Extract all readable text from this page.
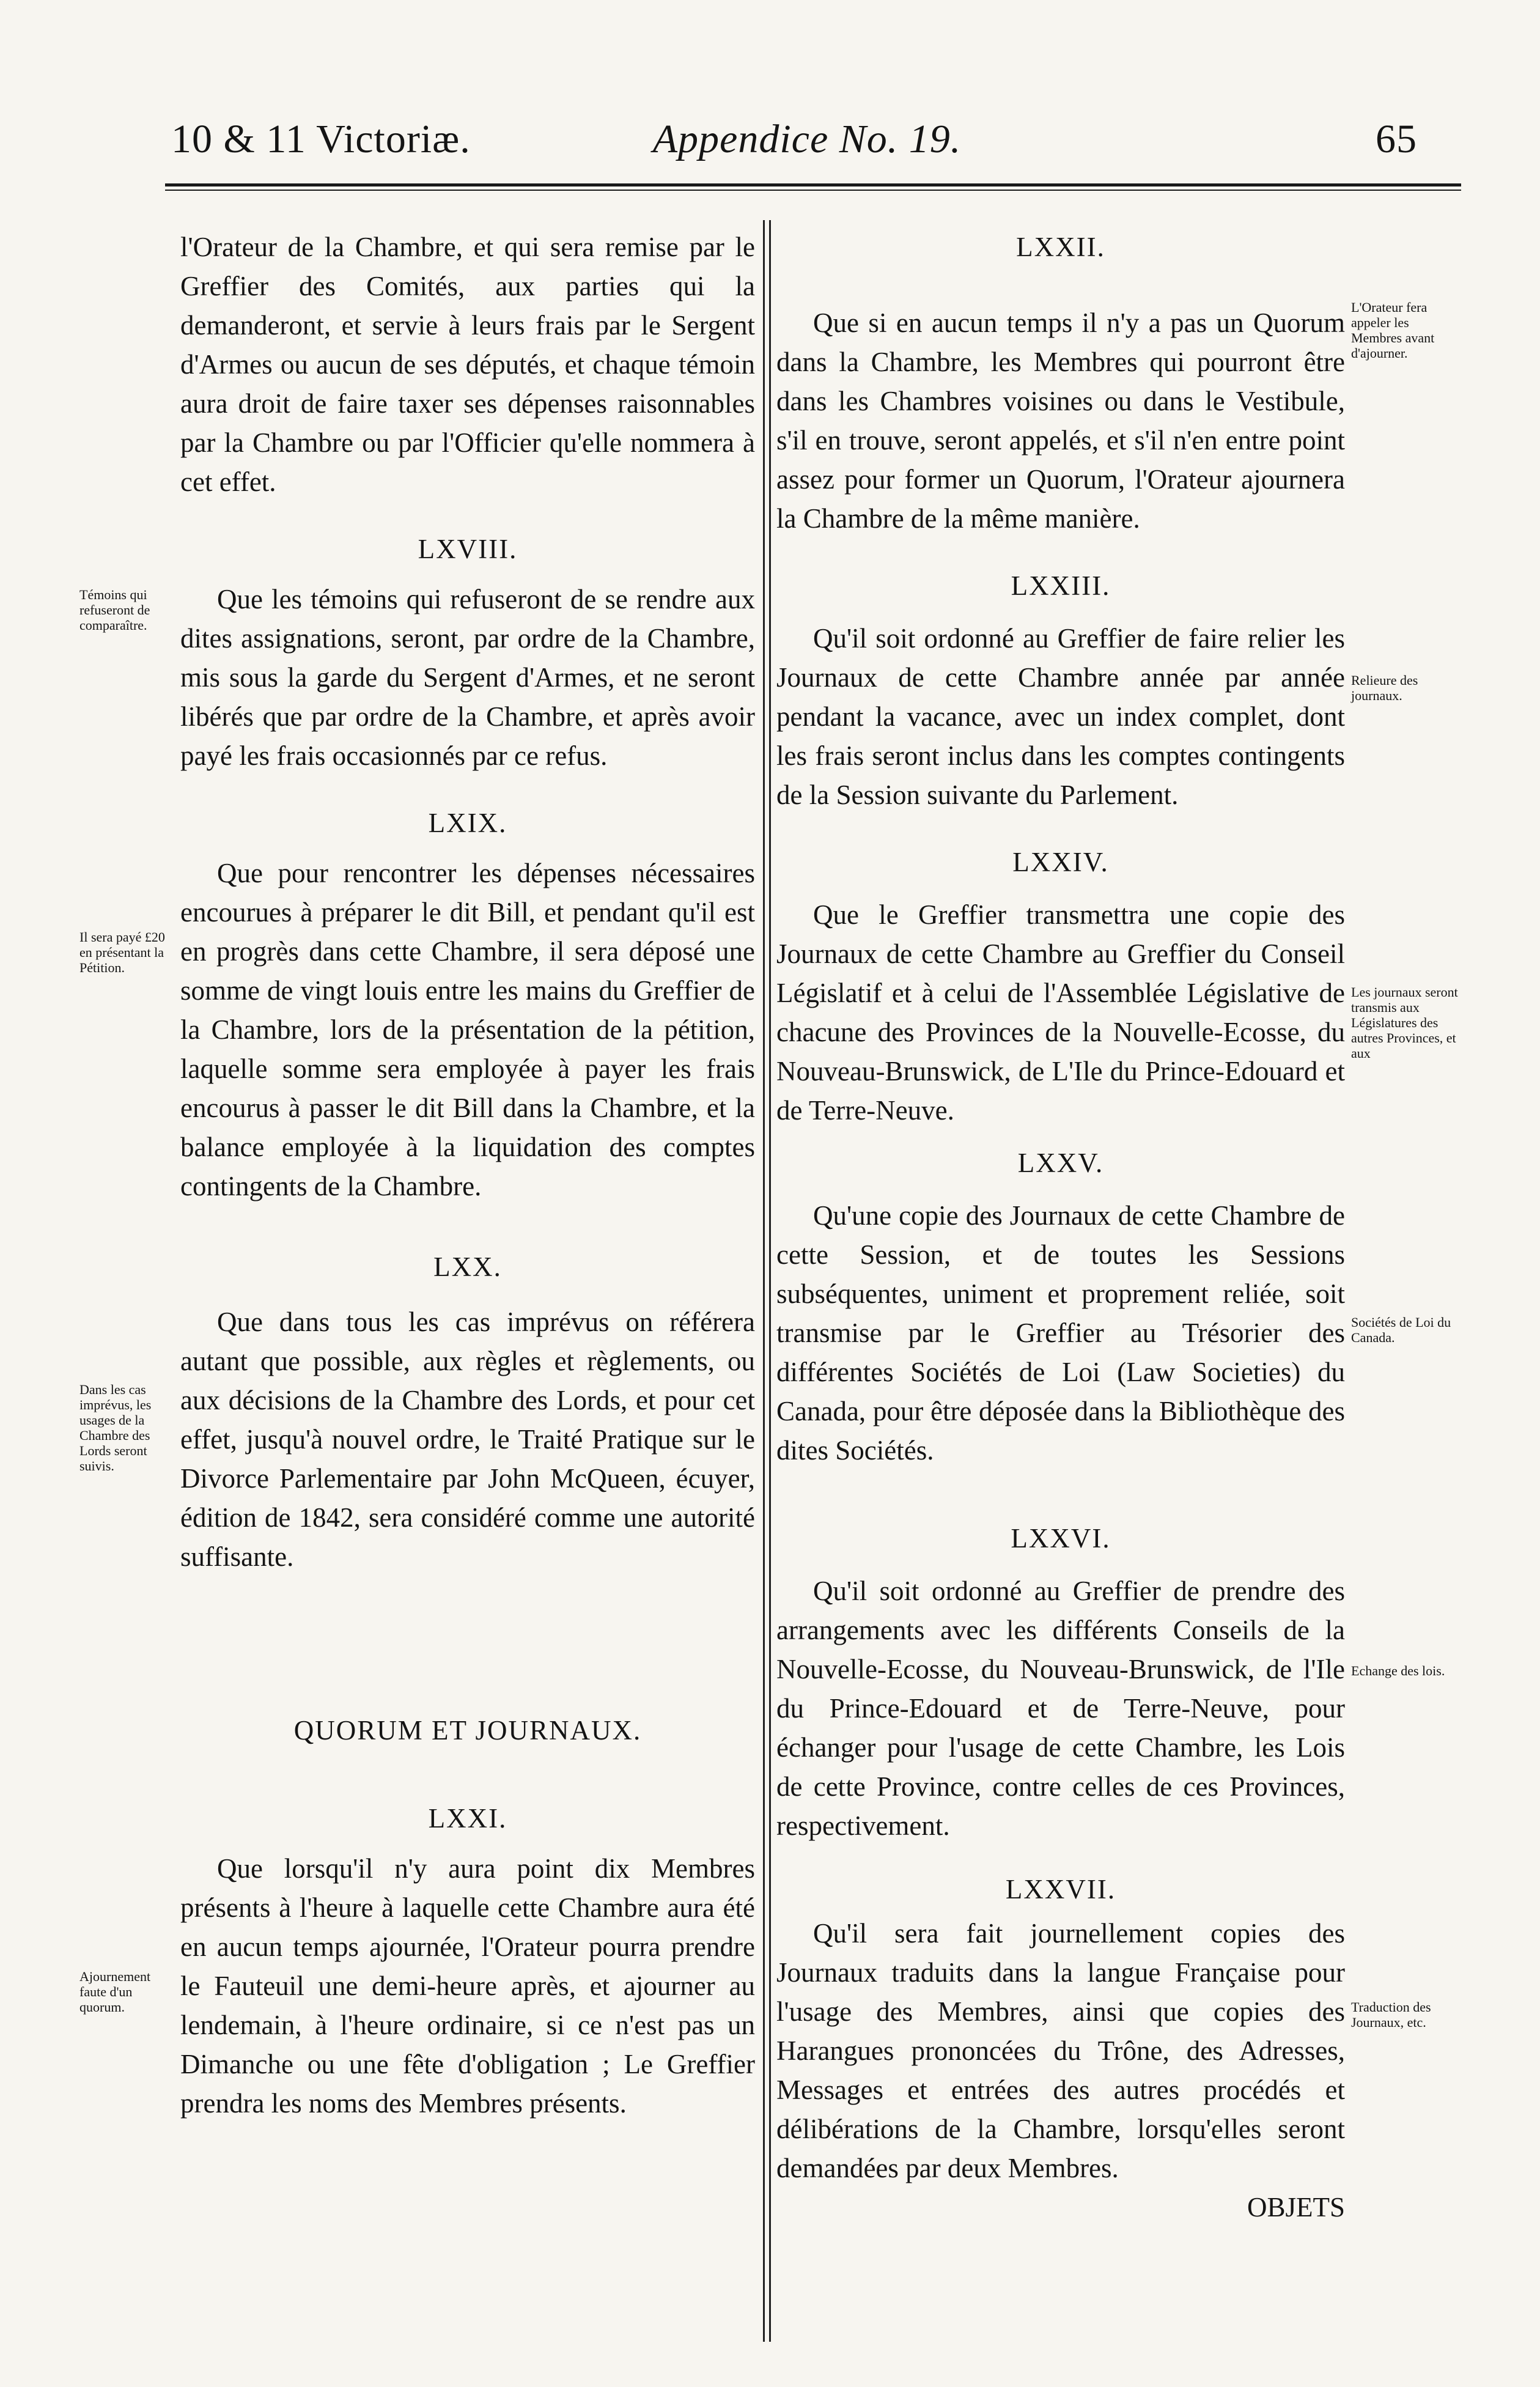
10 & 11 Victoriæ.	Appendice No. 19.	65

l'Orateur de la Chambre, et qui sera remise par le Greffier des Comités, aux parties qui la demanderont, et servie à leurs frais par le Sergent d'Armes ou aucun de ses députés, et chaque témoin aura droit de faire taxer ses dépenses raisonnables par la Chambre ou par l'Officier qu'elle nommera à cet effet.

LXVIII.

Que les témoins qui refuseront de se rendre aux dites assignations, seront, par ordre de la Chambre, mis sous la garde du Sergent d'Armes, et ne seront libérés que par ordre de la Chambre, et après avoir payé les frais occasionnés par ce refus.

LXIX.

Que pour rencontrer les dépenses nécessaires encourues à préparer le dit Bill, et pendant qu'il est en progrès dans cette Chambre, il sera déposé une somme de vingt louis entre les mains du Greffier de la Chambre, lors de la présentation de la pétition, laquelle somme sera employée à payer les frais encourus à passer le dit Bill dans la Chambre, et la balance employée à la liquidation des comptes contingents de la Chambre.

LXX.

Que dans tous les cas imprévus on référera autant que possible, aux règles et règlements, ou aux décisions de la Chambre des Lords, et pour cet effet, jusqu'à nouvel ordre, le Traité Pratique sur le Divorce Parlementaire par John McQueen, écuyer, édition de 1842, sera considéré comme une autorité suffisante.

QUORUM ET JOURNAUX.

LXXI.

Que lorsqu'il n'y aura point dix Membres présents à l'heure à laquelle cette Chambre aura été en aucun temps ajournée, l'Orateur pourra prendre le Fauteuil une demi-heure après, et ajourner au lendemain, à l'heure ordinaire, si ce n'est pas un Dimanche ou une fête d'obligation ; Le Greffier prendra les noms des Membres présents.

LXXII.

Que si en aucun temps il n'y a pas un Quorum dans la Chambre, les Membres qui pourront être dans les Chambres voisines ou dans le Vestibule, s'il en trouve, seront appelés, et s'il n'en entre point assez pour former un Quorum, l'Orateur ajournera la Chambre de la même manière.

LXXIII.

Qu'il soit ordonné au Greffier de faire relier les Journaux de cette Chambre année par année pendant la vacance, avec un index complet, dont les frais seront inclus dans les comptes contingents de la Session suivante du Parlement.

LXXIV.

Que le Greffier transmettra une copie des Journaux de cette Chambre au Greffier du Conseil Législatif et à celui de l'Assemblée Législative de chacune des Provinces de la Nouvelle-Ecosse, du Nouveau-Brunswick, de L'Ile du Prince-Edouard et de Terre-Neuve.

LXXV.

Qu'une copie des Journaux de cette Chambre de cette Session, et de toutes les Sessions subséquentes, uniment et proprement reliée, soit transmise par le Greffier au Trésorier des différentes Sociétés de Loi (Law Societies) du Canada, pour être déposée dans la Bibliothèque des dites Sociétés.

LXXVI.

Qu'il soit ordonné au Greffier de prendre des arrangements avec les différents Conseils de la Nouvelle-Ecosse, du Nouveau-Brunswick, de l'Ile du Prince-Edouard et de Terre-Neuve, pour échanger pour l'usage de cette Chambre, les Lois de cette Province, contre celles de ces Provinces, respectivement.

LXXVII.

Qu'il sera fait journellement copies des Journaux traduits dans la langue Française pour l'usage des Membres, ainsi que copies des Harangues prononcées du Trône, des Adresses, Messages et entrées des autres procédés et délibérations de la Chambre, lorsqu'elles seront demandées par deux Membres.

OBJETS

Témoins qui refuseront de comparaître.
Il sera payé £20 en présentant la Pétition.
Dans les cas imprévus, les usages de la Chambre des Lords seront suivis.
Ajournement faute d'un quorum.
L'Orateur fera appeler les Membres avant d'ajourner.
Relieure des journaux.
Les journaux seront transmis aux Législatures des autres Provinces, et aux
Sociétés de Loi du Canada.
Echange des lois.
Traduction des Journaux, etc.
